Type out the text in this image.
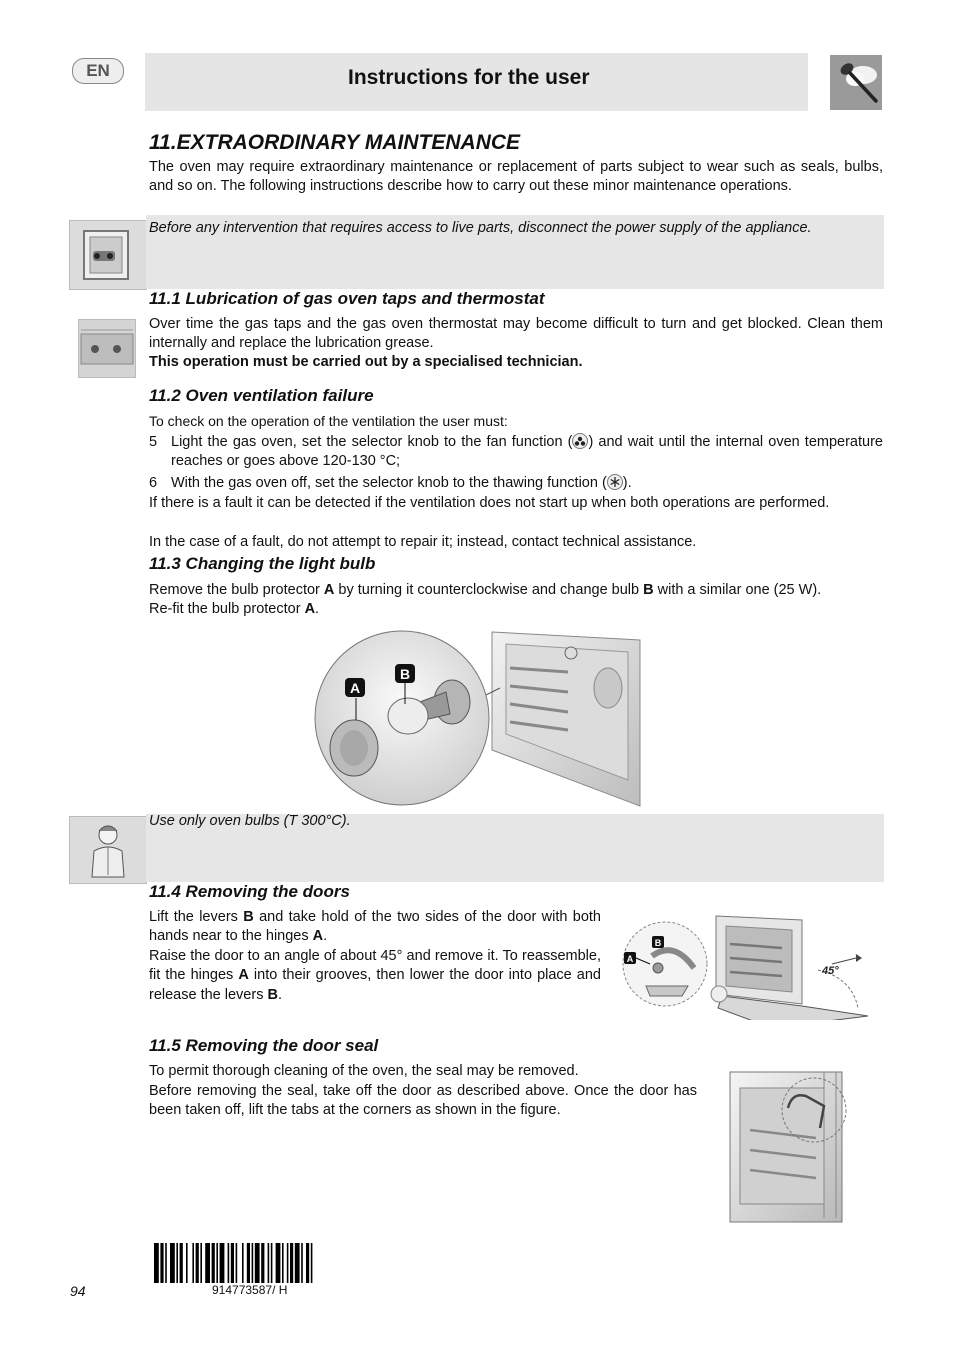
EN	Instructions for the user
11.EXTRAORDINARY MAINTENANCE
The oven may require extraordinary maintenance or replacement of parts subject to wear such as seals, bulbs, and so on. The following instructions describe how to carry out these minor maintenance operations.
Before any intervention that requires access to live parts, disconnect the power supply of the appliance.
11.1 Lubrication of gas oven taps and thermostat
Over time the gas taps and the gas oven thermostat may become difficult to turn and get blocked. Clean them internally and replace the lubrication grease.
This operation must be carried out by a specialised technician.
11.2 Oven ventilation failure
To check on the operation of the ventilation the user must:
5 Light the gas oven, set the selector knob to the fan function ( ) and wait until the internal oven temperature reaches or goes above 120-130 °C;
6 With the gas oven off, set the selector knob to the thawing function ( ).
If there is a fault it can be detected if the ventilation does not start up when both operations are performed.
In the case of a fault, do not attempt to repair it; instead, contact technical assistance.
11.3 Changing the light bulb
Remove the bulb protector A by turning it counterclockwise and change bulb B with a similar one (25 W).
Re-fit the bulb protector A.
A
B
Use only oven bulbs (T 300°C).
11.4 Removing the doors
Lift the levers B and take hold of the two sides of the door with both hands near to the hinges A.
Raise the door to an angle of about 45° and remove it. To reassemble, fit the hinges A into their grooves, then lower the door into place and release the levers B.
A
B
45°
11.5 Removing the door seal
To permit thorough cleaning of the oven, the seal may be removed.
Before removing the seal, take off the door as described above. Once the door has been taken off, lift the tabs at the corners as shown in the figure.
94	914773587/ H
